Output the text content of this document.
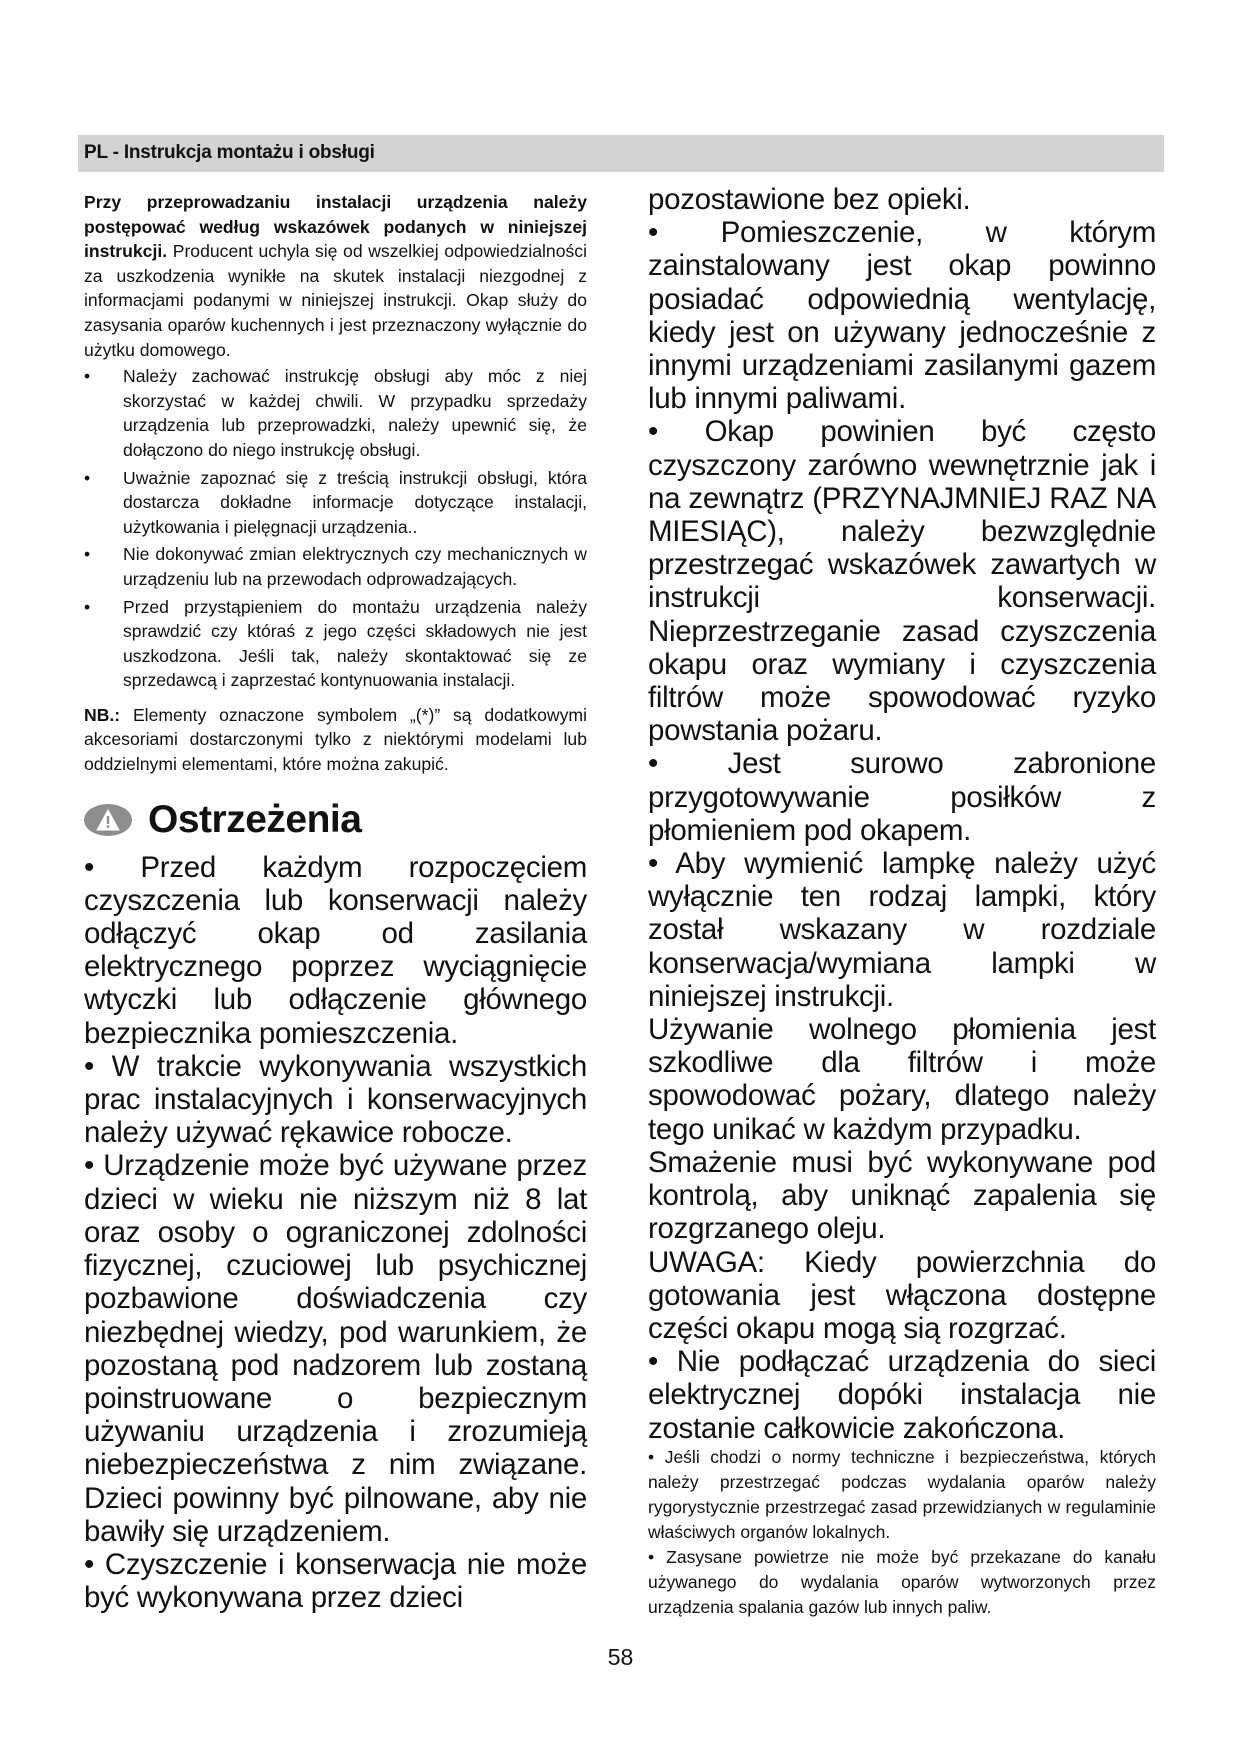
PL - Instrukcja montażu i obsługi

Przy przeprowadzaniu instalacji urządzenia należy postępować według wskazówek podanych w niniejszej instrukcji. Producent uchyla się od wszelkiej odpowiedzialności za uszkodzenia wynikłe na skutek instalacji niezgodnej z informacjami podanymi w niniejszej instrukcji. Okap służy do zasysania oparów kuchennych i jest przeznaczony wyłącznie do użytku domowego.

• Należy zachować instrukcję obsługi aby móc z niej skorzystać w każdej chwili. W przypadku sprzedaży urządzenia lub przeprowadzki, należy upewnić się, że dołączono do niego instrukcję obsługi.
• Uważnie zapoznać się z treścią instrukcji obsługi, która dostarcza dokładne informacje dotyczące instalacji, użytkowania i pielęgnacji urządzenia..
• Nie dokonywać zmian elektrycznych czy mechanicznych w urządzeniu lub na przewodach odprowadzających.
• Przed przystąpieniem do montażu urządzenia należy sprawdzić czy któraś z jego części składowych nie jest uszkodzona. Jeśli tak, należy skontaktować się ze sprzedawcą i zaprzestać kontynuowania instalacji.

NB.: Elementy oznaczone symbolem „(*)” są dodatkowymi akcesoriami dostarczonymi tylko z niektórymi modelami lub oddzielnymi elementami, które można zakupić.

Ostrzeżenia

• Przed każdym rozpoczęciem czyszczenia lub konserwacji należy odłączyć okap od zasilania elektrycznego poprzez wyciągnięcie wtyczki lub odłączenie głównego bezpiecznika pomieszczenia.

• W trakcie wykonywania wszystkich prac instalacyjnych i konserwacyjnych należy używać rękawice robocze.

• Urządzenie może być używane przez dzieci w wieku nie niższym niż 8 lat oraz osoby o ograniczonej zdolności fizycznej, czuciowej lub psychicznej pozbawione doświadczenia czy niezbędnej wiedzy, pod warunkiem, że pozostaną pod nadzorem lub zostaną poinstruowane o bezpiecznym używaniu urządzenia i zrozumieją niebezpieczeństwa z nim związane. Dzieci powinny być pilnowane, aby nie bawiły się urządzeniem.

• Czyszczenie i konserwacja nie może być wykonywana przez dzieci

pozostawione bez opieki.

• Pomieszczenie, w którym zainstalowany jest okap powinno posiadać odpowiednią wentylację, kiedy jest on używany jednocześnie z innymi urządzeniami zasilanymi gazem lub innymi paliwami.

• Okap powinien być często czyszczony zarówno wewnętrznie jak i na zewnątrz (PRZYNAJMNIEJ RAZ NA MIESIĄC), należy bezwzględnie przestrzegać wskazówek zawartych w instrukcji konserwacji. Nieprzestrzeganie zasad czyszczenia okapu oraz wymiany i czyszczenia filtrów może spowodować ryzyko powstania pożaru.

• Jest surowo zabronione przygotowywanie posiłków z płomieniem pod okapem.

• Aby wymienić lampkę należy użyć wyłącznie ten rodzaj lampki, który został wskazany w rozdziale konserwacja/wymiana lampki w niniejszej instrukcji.

Używanie wolnego płomienia jest szkodliwe dla filtrów i może spowodować pożary, dlatego należy tego unikać w każdym przypadku.

Smażenie musi być wykonywane pod kontrolą, aby uniknąć zapalenia się rozgrzanego oleju.

UWAGA: Kiedy powierzchnia do gotowania jest włączona dostępne części okapu mogą sią rozgrzać.

• Nie podłączać urządzenia do sieci elektrycznej dopóki instalacja nie zostanie całkowicie zakończona.

• Jeśli chodzi o normy techniczne i bezpieczeństwa, których należy przestrzegać podczas wydalania oparów należy rygorystycznie przestrzegać zasad przewidzianych w regulaminie właściwych organów lokalnych.

• Zasysane powietrze nie może być przekazane do kanału używanego do wydalania oparów wytworzonych przez urządzenia spalania gazów lub innych paliw.

58
